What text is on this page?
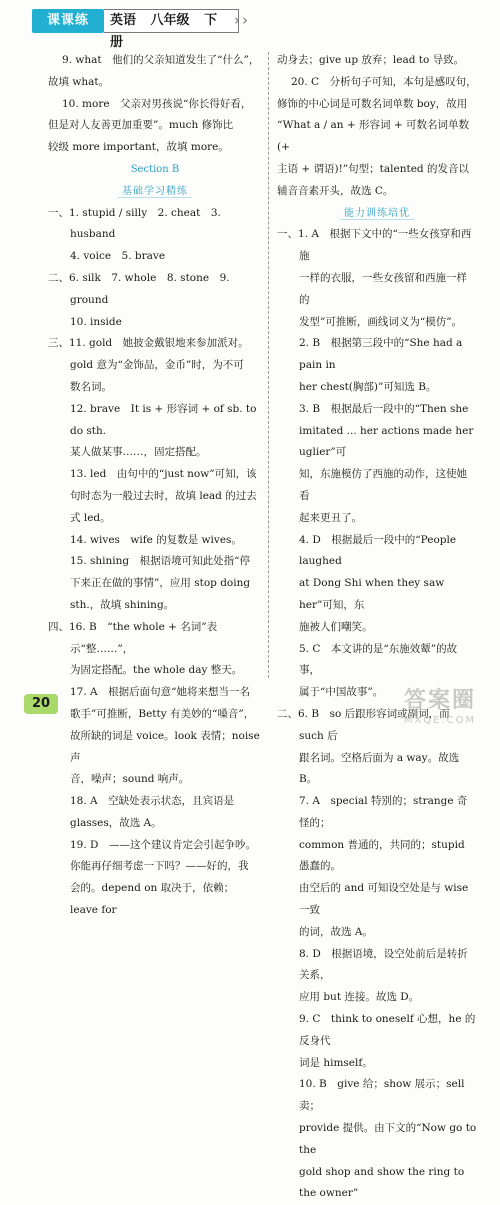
课课练	英语 八年级 下册
› ›

9. what　他们的父亲知道发生了“什么”，

故填 what。

10. more　父亲对男孩说“你长得好看，

但是对人友善更加重要”。much 修饰比

较级 more important，故填 more。

Section B

基础学习精练

一、1. stupid / silly　2. cheat　3. husband

4. voice　5. brave

二、6. silk　7. whole　8. stone　9. ground

10. inside

三、11. gold　她披金戴银地来参加派对。

gold 意为“金饰品，金币”时，为不可

数名词。

12. brave　It is + 形容词 + of sb. to do sth.

某人做某事……，固定搭配。

13. led　由句中的“just now”可知，该

句时态为一般过去时，故填 lead 的过去

式 led。

14. wives　wife 的复数是 wives。

15. shining　根据语境可知此处指“停

下来正在做的事情”，应用 stop doing

sth.，故填 shining。

四、16. B　“the whole + 名词”表示“整……”，

为固定搭配。the whole day 整天。

17. A　根据后面句意“她将来想当一名

歌手”可推断，Betty 有美妙的“嗓音”，

故所缺的词是 voice。look 表情；noise 声

音，噪声；sound 响声。

18. A　空缺处表示状态，且宾语是

glasses，故选 A。

19. D　——这个建议肯定会引起争吵。

你能再仔细考虑一下吗？——好的，我

会的。depend on 取决于，依赖；leave for

动身去；give up 放弃；lead to 导致。

20. C　分析句子可知，本句是感叹句，

修饰的中心词是可数名词单数 boy，故用

“What a / an + 形容词 + 可数名词单数 (+

主语 + 谓语)!”句型；talented 的发音以

辅音音素开头，故选 C。

能力训练培优

一、1. A　根据下文中的“一些女孩穿和西施

一样的衣服，一些女孩留和西施一样的

发型”可推断，画线词义为“模仿”。

2. B　根据第三段中的“She had a pain in

her chest(胸部)”可知选 B。

3. B　根据最后一段中的“Then she

imitated ... her actions made her uglier”可

知，东施模仿了西施的动作，这使她看

起来更丑了。

4. D　根据最后一段中的“People laughed

at Dong Shi when they saw her”可知，东

施被人们嘲笑。

5. C　本文讲的是“东施效颦”的故事，

属于“中国故事”。

二、6. B　so 后跟形容词或副词，而 such 后

跟名词。空格后面为 a way。故选 B。

7. A　special 特别的；strange 奇怪的；

common 普通的，共同的；stupid 愚蠢的。

由空后的 and 可知设空处是与 wise 一致

的词，故选 A。

8. D　根据语境，设空处前后是转折关系，

应用 but 连接。故选 D。

9. C　think to oneself 心想，he 的反身代

词是 himself。

10. B　give 给；show 展示；sell 卖；

provide 提供。由下文的“Now go to the

gold shop and show the ring to the owner”

20	答案圈
MXQE.COM
